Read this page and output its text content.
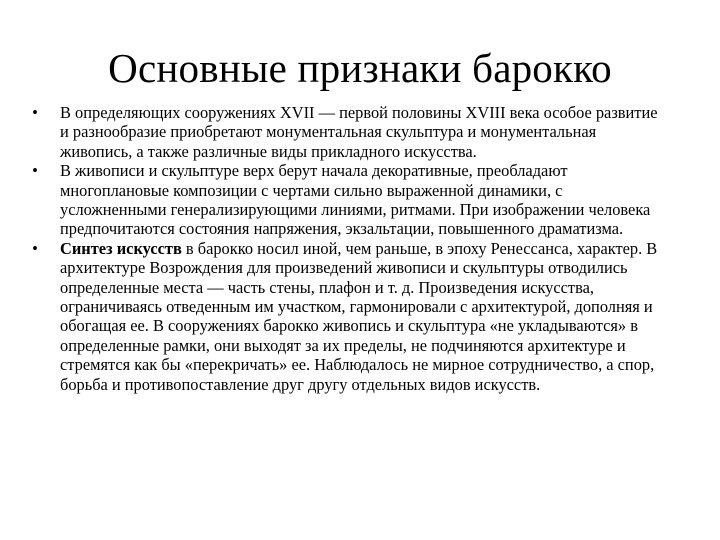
Основные признаки барокко
• В определяющих сооружениях XVII — первой половины XVIII века особое развитие и разнообразие приобретают монументальная скульптура и монументальная живопись, а также различные виды прикладного искусства.
• В живописи и скульптуре верх берут начала декоративные, преобладают многоплановые композиции с чертами сильно выраженной динамики, с усложненными генерализирующими линиями, ритмами. При изображении человека предпочитаются состояния напряжения, экзальтации, повышенного драматизма.
• Синтез искусств в барокко носил иной, чем раньше, в эпоху Ренессанса, характер. В архитектуре Возрождения для произведений живописи и скульптуры отводились определенные места — часть стены, плафон и т. д. Произведения искусства, ограничиваясь отведенным им участком, гармонировали с архитектурой, дополняя и обогащая ее. В сооружениях барокко живопись и скульптура «не укладываются» в определенные рамки, они выходят за их пределы, не подчиняются архитектуре и стремятся как бы «перекричать» ее. Наблюдалось не мирное сотрудничество, а спор, борьба и противопоставление друг другу отдельных видов искусств.
